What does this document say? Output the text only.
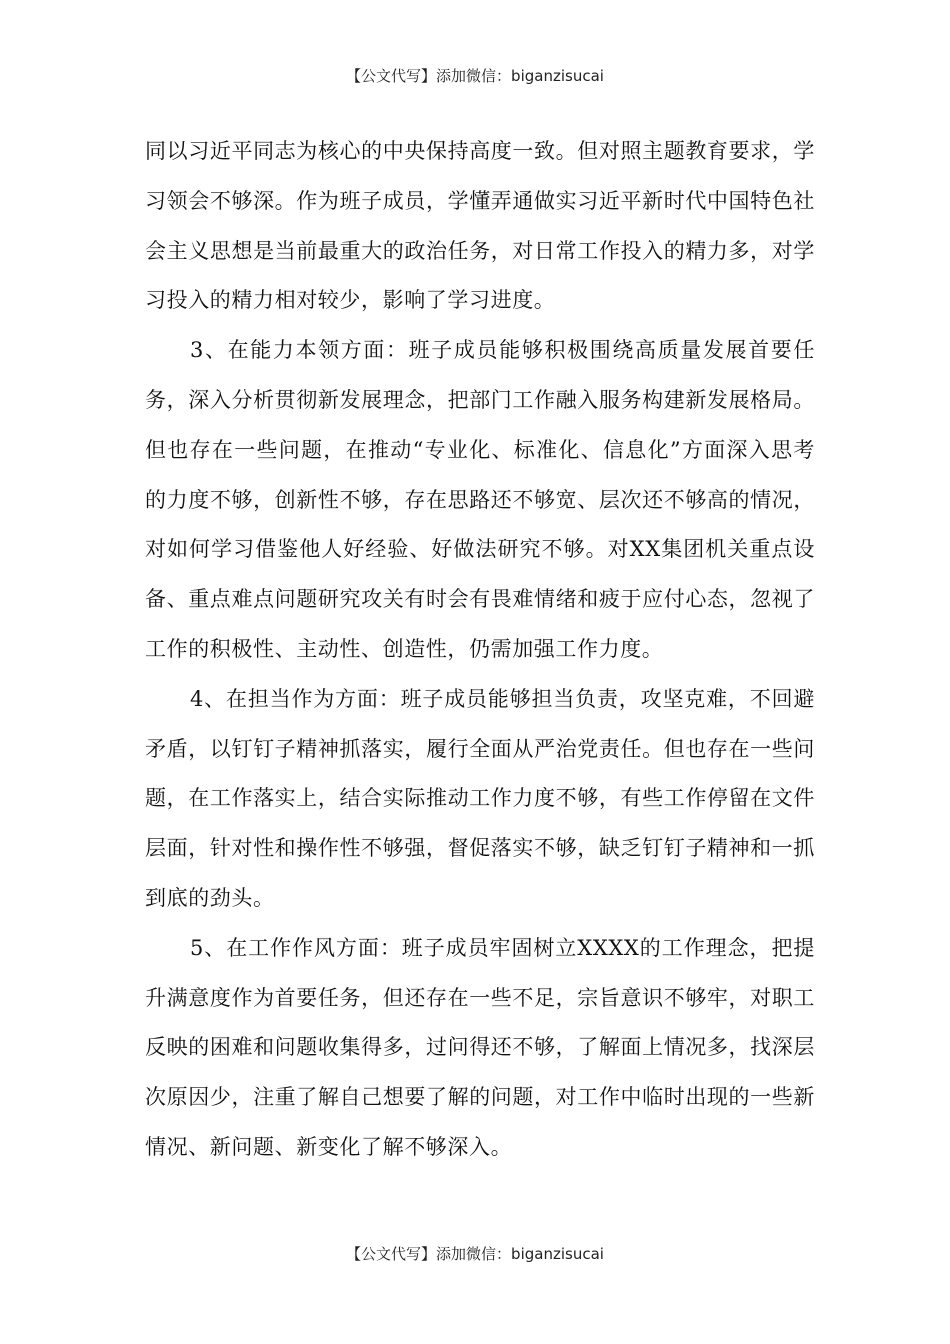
【公文代写】添加微信：biganzisucai

同以习近平同志为核心的中央保持高度一致。但对照主题教育要求，学习领会不够深。作为班子成员，学懂弄通做实习近平新时代中国特色社会主义思想是当前最重大的政治任务，对日常工作投入的精力多，对学习投入的精力相对较少，影响了学习进度。

3、在能力本领方面：班子成员能够积极围绕高质量发展首要任务，深入分析贯彻新发展理念，把部门工作融入服务构建新发展格局。但也存在一些问题，在推动“专业化、标准化、信息化”方面深入思考的力度不够，创新性不够，存在思路还不够宽、层次还不够高的情况，对如何学习借鉴他人好经验、好做法研究不够。对XX集团机关重点设备、重点难点问题研究攻关有时会有畏难情绪和疲于应付心态，忽视了工作的积极性、主动性、创造性，仍需加强工作力度。

4、在担当作为方面：班子成员能够担当负责，攻坚克难，不回避矛盾，以钉钉子精神抓落实，履行全面从严治党责任。但也存在一些问题，在工作落实上，结合实际推动工作力度不够，有些工作停留在文件层面，针对性和操作性不够强，督促落实不够，缺乏钉钉子精神和一抓到底的劲头。

5、在工作作风方面：班子成员牢固树立XXXX的工作理念，把提升满意度作为首要任务，但还存在一些不足，宗旨意识不够牢，对职工反映的困难和问题收集得多，过问得还不够，了解面上情况多，找深层次原因少，注重了解自己想要了解的问题，对工作中临时出现的一些新情况、新问题、新变化了解不够深入。

【公文代写】添加微信：biganzisucai
